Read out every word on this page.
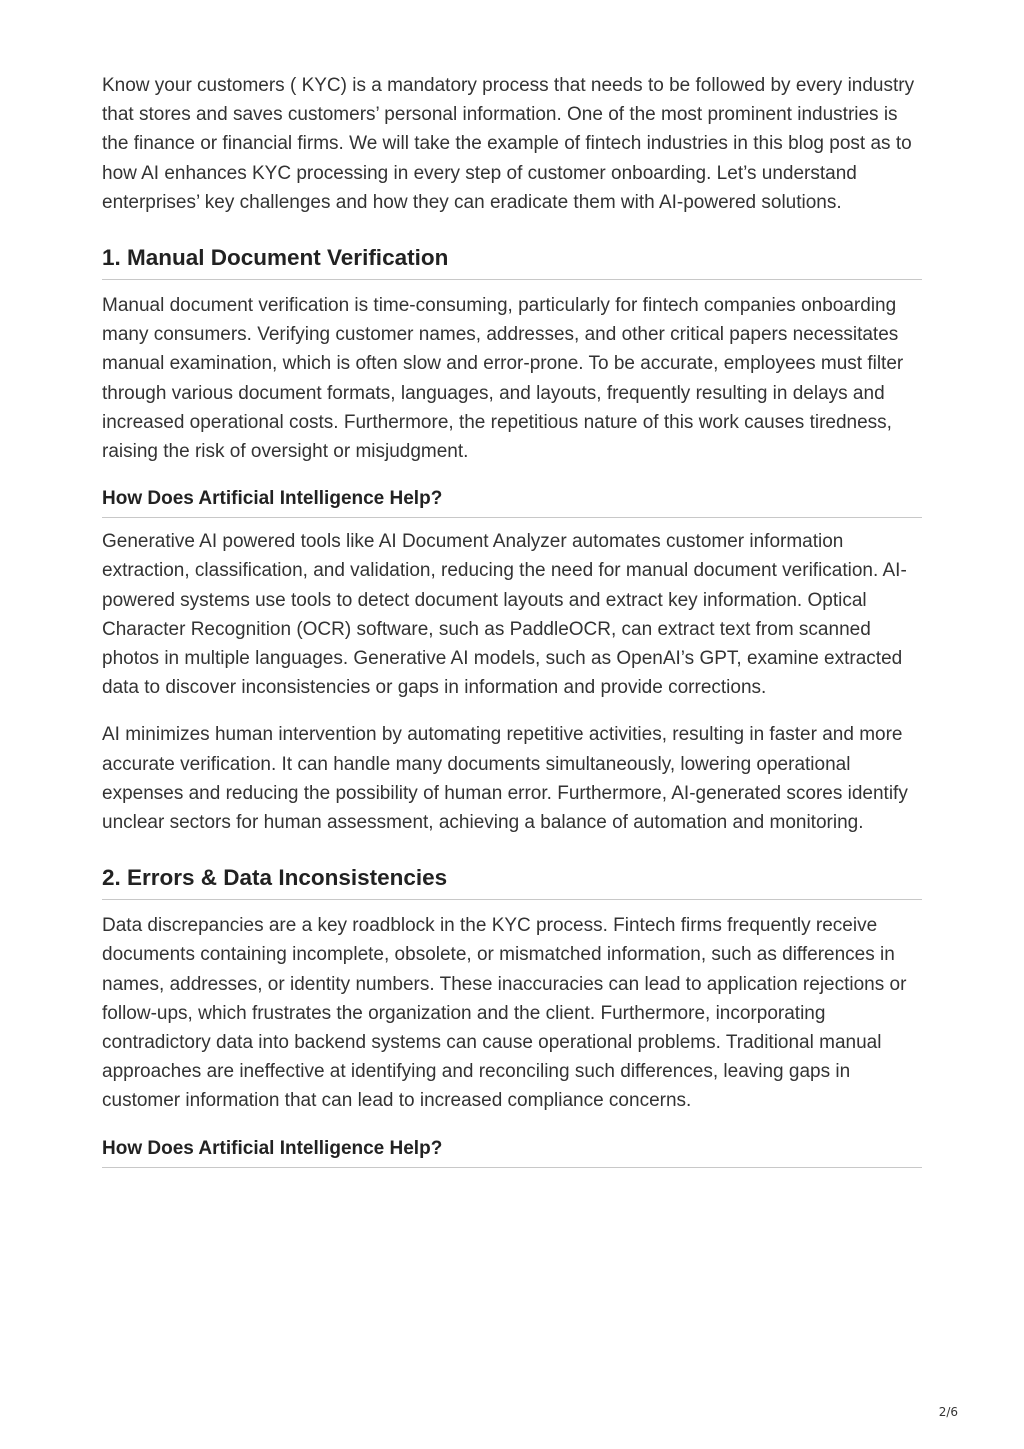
Know your customers ( KYC) is a mandatory process that needs to be followed by every industry that stores and saves customers’ personal information. One of the most prominent industries is the finance or financial firms. We will take the example of fintech industries in this blog post as to how AI enhances KYC processing in every step of customer onboarding. Let’s understand enterprises’ key challenges and how they can eradicate them with AI-powered solutions.

1. Manual Document Verification

Manual document verification is time-consuming, particularly for fintech companies onboarding many consumers. Verifying customer names, addresses, and other critical papers necessitates manual examination, which is often slow and error-prone. To be accurate, employees must filter through various document formats, languages, and layouts, frequently resulting in delays and increased operational costs. Furthermore, the repetitious nature of this work causes tiredness, raising the risk of oversight or misjudgment.

How Does Artificial Intelligence Help?

Generative AI powered tools like AI Document Analyzer automates customer information extraction, classification, and validation, reducing the need for manual document verification. AI-powered systems use tools to detect document layouts and extract key information. Optical Character Recognition (OCR) software, such as PaddleOCR, can extract text from scanned photos in multiple languages. Generative AI models, such as OpenAI’s GPT, examine extracted data to discover inconsistencies or gaps in information and provide corrections.

AI minimizes human intervention by automating repetitive activities, resulting in faster and more accurate verification. It can handle many documents simultaneously, lowering operational expenses and reducing the possibility of human error. Furthermore, AI-generated scores identify unclear sectors for human assessment, achieving a balance of automation and monitoring.

2. Errors & Data Inconsistencies

Data discrepancies are a key roadblock in the KYC process. Fintech firms frequently receive documents containing incomplete, obsolete, or mismatched information, such as differences in names, addresses, or identity numbers. These inaccuracies can lead to application rejections or follow-ups, which frustrates the organization and the client. Furthermore, incorporating contradictory data into backend systems can cause operational problems. Traditional manual approaches are ineffective at identifying and reconciling such differences, leaving gaps in customer information that can lead to increased compliance concerns.

How Does Artificial Intelligence Help?
2/6
